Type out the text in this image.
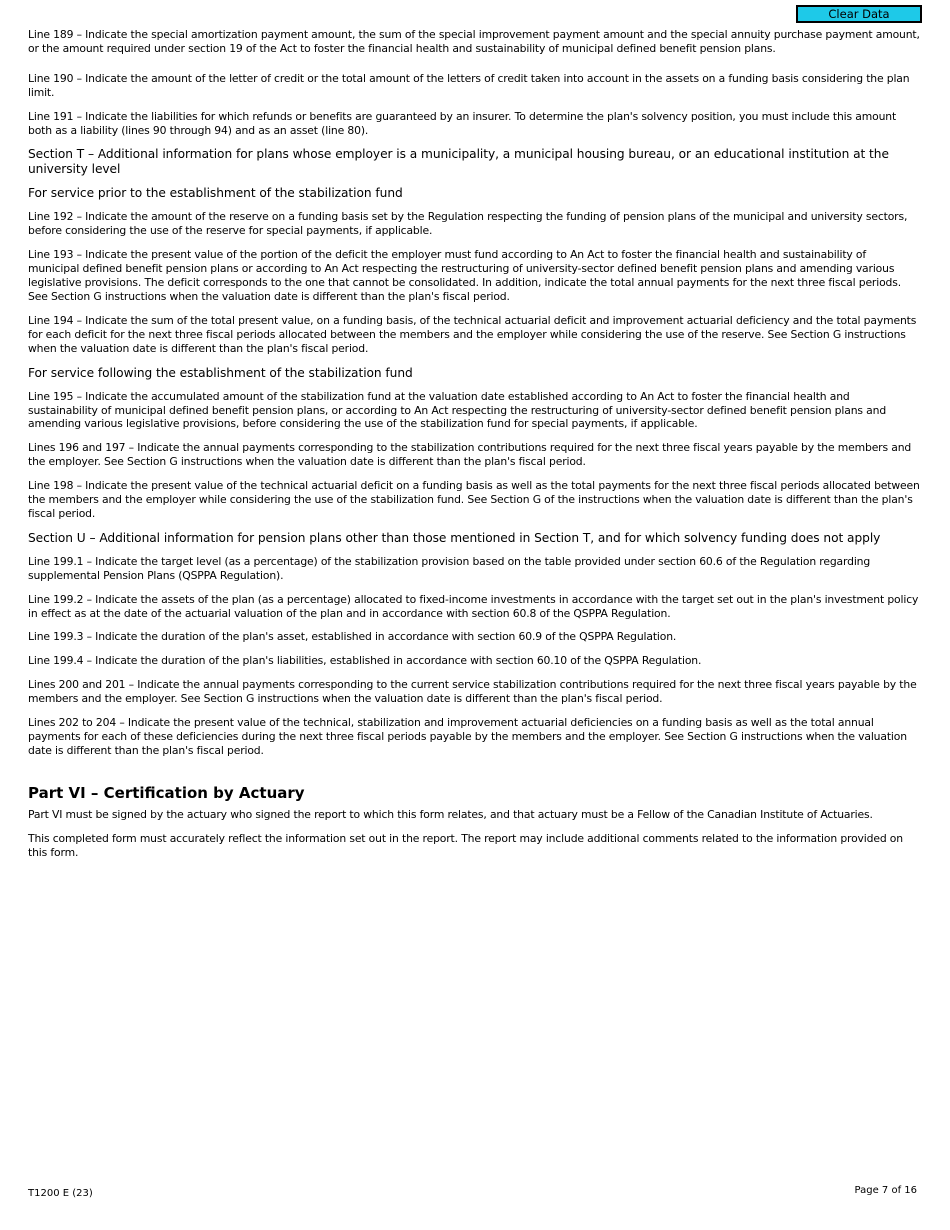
Clear Data

Line 189 – Indicate the special amortization payment amount, the sum of the special improvement payment amount and the special annuity purchase payment amount, or the amount required under section 19 of the Act to foster the financial health and sustainability of municipal defined benefit pension plans.

Line 190 – Indicate the amount of the letter of credit or the total amount of the letters of credit taken into account in the assets on a funding basis considering the plan limit.

Line 191 – Indicate the liabilities for which refunds or benefits are guaranteed by an insurer. To determine the plan's solvency position, you must include this amount both as a liability (lines 90 through 94) and as an asset (line 80).

Section T – Additional information for plans whose employer is a municipality, a municipal housing bureau, or an educational institution at the university level

For service prior to the establishment of the stabilization fund

Line 192 – Indicate the amount of the reserve on a funding basis set by the Regulation respecting the funding of pension plans of the municipal and university sectors, before considering the use of the reserve for special payments, if applicable.

Line 193 – Indicate the present value of the portion of the deficit the employer must fund according to An Act to foster the financial health and sustainability of municipal defined benefit pension plans or according to An Act respecting the restructuring of university-sector defined benefit pension plans and amending various legislative provisions. The deficit corresponds to the one that cannot be consolidated. In addition, indicate the total annual payments for the next three fiscal periods. See Section G instructions when the valuation date is different than the plan's fiscal period.

Line 194 – Indicate the sum of the total present value, on a funding basis, of the technical actuarial deficit and improvement actuarial deficiency and the total payments for each deficit for the next three fiscal periods allocated between the members and the employer while considering the use of the reserve. See Section G instructions when the valuation date is different than the plan's fiscal period.

For service following the establishment of the stabilization fund

Line 195 – Indicate the accumulated amount of the stabilization fund at the valuation date established according to An Act to foster the financial health and sustainability of municipal defined benefit pension plans, or according to An Act respecting the restructuring of university-sector defined benefit pension plans and amending various legislative provisions, before considering the use of the stabilization fund for special payments, if applicable.

Lines 196 and 197 – Indicate the annual payments corresponding to the stabilization contributions required for the next three fiscal years payable by the members and the employer. See Section G instructions when the valuation date is different than the plan's fiscal period.

Line 198 – Indicate the present value of the technical actuarial deficit on a funding basis as well as the total payments for the next three fiscal periods allocated between the members and the employer while considering the use of the stabilization fund. See Section G of the instructions when the valuation date is different than the plan's fiscal period.

Section U – Additional information for pension plans other than those mentioned in Section T, and for which solvency funding does not apply

Line 199.1 – Indicate the target level (as a percentage) of the stabilization provision based on the table provided under section 60.6 of the Regulation regarding supplemental Pension Plans (QSPPA Regulation).

Line 199.2 – Indicate the assets of the plan (as a percentage) allocated to fixed-income investments in accordance with the target set out in the plan's investment policy in effect as at the date of the actuarial valuation of the plan and in accordance with section 60.8 of the QSPPA Regulation.

Line 199.3 – Indicate the duration of the plan's asset, established in accordance with section 60.9 of the QSPPA Regulation.

Line 199.4 – Indicate the duration of the plan's liabilities, established in accordance with section 60.10 of the QSPPA Regulation.

Lines 200 and 201 – Indicate the annual payments corresponding to the current service stabilization contributions required for the next three fiscal years payable by the members and the employer. See Section G instructions when the valuation date is different than the plan's fiscal period.

Lines 202 to 204 – Indicate the present value of the technical, stabilization and improvement actuarial deficiencies on a funding basis as well as the total annual payments for each of these deficiencies during the next three fiscal periods payable by the members and the employer. See Section G instructions when the valuation date is different than the plan's fiscal period.

Part VI – Certification by Actuary

Part VI must be signed by the actuary who signed the report to which this form relates, and that actuary must be a Fellow of the Canadian Institute of Actuaries.

This completed form must accurately reflect the information set out in the report. The report may include additional comments related to the information provided on this form.

T1200 E (23)	Page 7 of 16
